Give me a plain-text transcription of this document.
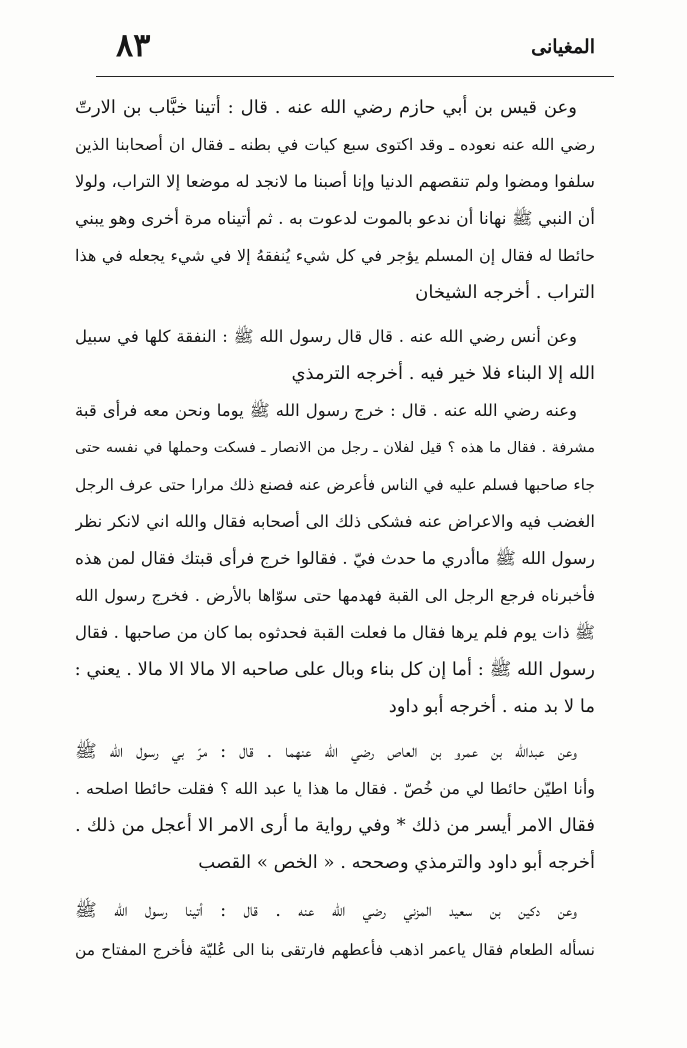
المغيانى
٨٣
وعن قيس بن أبي حازم رضي الله عنه . قال : أتينا خبَّاب بن الارتّ
رضي الله عنه نعوده ـ وقد اكتوى سبع كيات في بطنه ـ فقال ان أصحابنا الذين
سلفوا ومضوا ولم تنقصهم الدنيا وإنا أصبنا ما لانجد له موضعا إلا التراب، ولولا
أن النبي ﷺ نهانا أن ندعو بالموت لدعوت به . ثم أتيناه مرة أخرى وهو يبني
حائطا له فقال إن المسلم يؤجر في كل شيء يُنفقهُ إلا في شيء يجعله في هذا
التراب . أخرجه الشيخان
وعن أنس رضي الله عنه . قال قال رسول الله ﷺ : النفقة كلها في سبيل
الله إلا البناء فلا خير فيه . أخرجه الترمذي
وعنه رضي الله عنه . قال : خرج رسول الله ﷺ يوما ونحن معه فرأى قبة
مشرفة . فقال ما هذه ؟ قيل لفلان ـ رجل من الانصار ـ فسكت وحملها في نفسه حتى
جاء صاحبها فسلم عليه في الناس فأعرض عنه فصنع ذلك مرارا حتى عرف الرجل
الغضب فيه والاعراض عنه فشكى ذلك الى أصحابه فقال والله اني لانكر نظر
رسول الله ﷺ ماأدري ما حدث فيّ . فقالوا خرج فرأى قبتك فقال لمن هذه
فأخبرناه فرجع الرجل الى القبة فهدمها حتى سوّاها بالأرض . فخرج رسول الله
ﷺ ذات يوم فلم يرها فقال ما فعلت القبة فحدثوه بما كان من صاحبها . فقال
رسول الله ﷺ : أما إن كل بناء وبال على صاحبه الا مالا الا مالا . يعني :
ما لا بد منه . أخرجه أبو داود
وعن عبدالله بن عمرو بن العاص رضي الله عنهما . قال : مرّ بي رسول الله ﷺ
وأنا اطيّن حائطا لي من خُصّ . فقال ما هذا يا عبد الله ؟ فقلت حائطا اصلحه .
فقال الامر أيسر من ذلك * وفي رواية ما أرى الامر الا أعجل من ذلك .
أخرجه أبو داود والترمذي وصححه . « الخص » القصب
وعن دكين بن سعيد المزني رضي الله عنه . قال : أتينا رسول الله ﷺ
نسأله الطعام فقال ياعمر اذهب فأعطهم فارتقى بنا الى عُليّة فأخرج المفتاح من
